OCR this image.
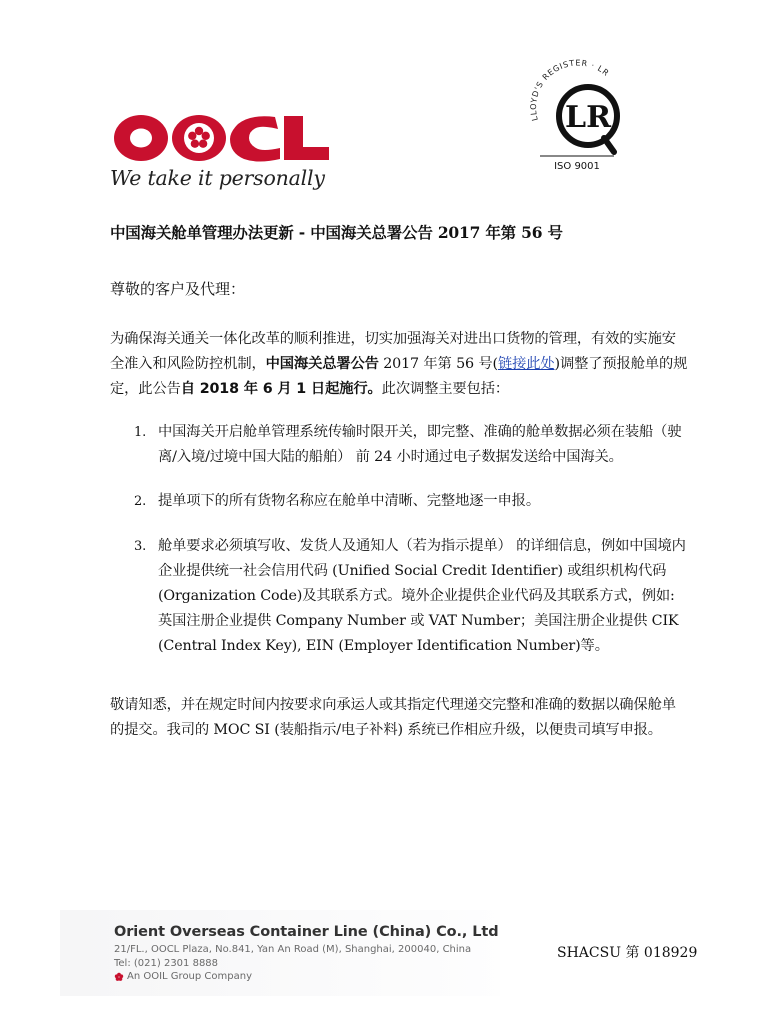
We take it personally
LLOYD'S REGISTER · LR
LR
ISO 9001
中国海关舱单管理办法更新 - 中国海关总署公告 2017 年第 56 号
尊敬的客户及代理：
为确保海关通关一体化改革的顺利推进，切实加强海关对进出口货物的管理，有效的实施安全准入和风险防控机制，中国海关总署公告 2017 年第 56 号(链接此处)调整了预报舱单的规定，此公告自 2018 年 6 月 1 日起施行。此次调整主要包括：
1. 中国海关开启舱单管理系统传输时限开关，即完整、准确的舱单数据必须在装船（驶离/入境/过境中国大陆的船舶） 前 24 小时通过电子数据发送给中国海关。
2. 提单项下的所有货物名称应在舱单中清晰、完整地逐一申报。
3. 舱单要求必须填写收、发货人及通知人（若为指示提单） 的详细信息，例如中国境内企业提供统一社会信用代码 (Unified Social Credit Identifier) 或组织机构代码(Organization Code)及其联系方式。境外企业提供企业代码及其联系方式，例如:英国注册企业提供 Company Number 或 VAT Number；美国注册企业提供 CIK (Central Index Key), EIN (Employer Identification Number)等。
敬请知悉，并在规定时间内按要求向承运人或其指定代理递交完整和准确的数据以确保舱单的提交。我司的 MOC SI (装船指示/电子补料) 系统已作相应升级，以便贵司填写申报。
Orient Overseas Container Line (China) Co., Ltd
21/FL., OOCL Plaza, No.841, Yan An Road (M), Shanghai, 200040, China
Tel: (021) 2301 8888
An OOIL Group Company
SHACSU 第 018929
